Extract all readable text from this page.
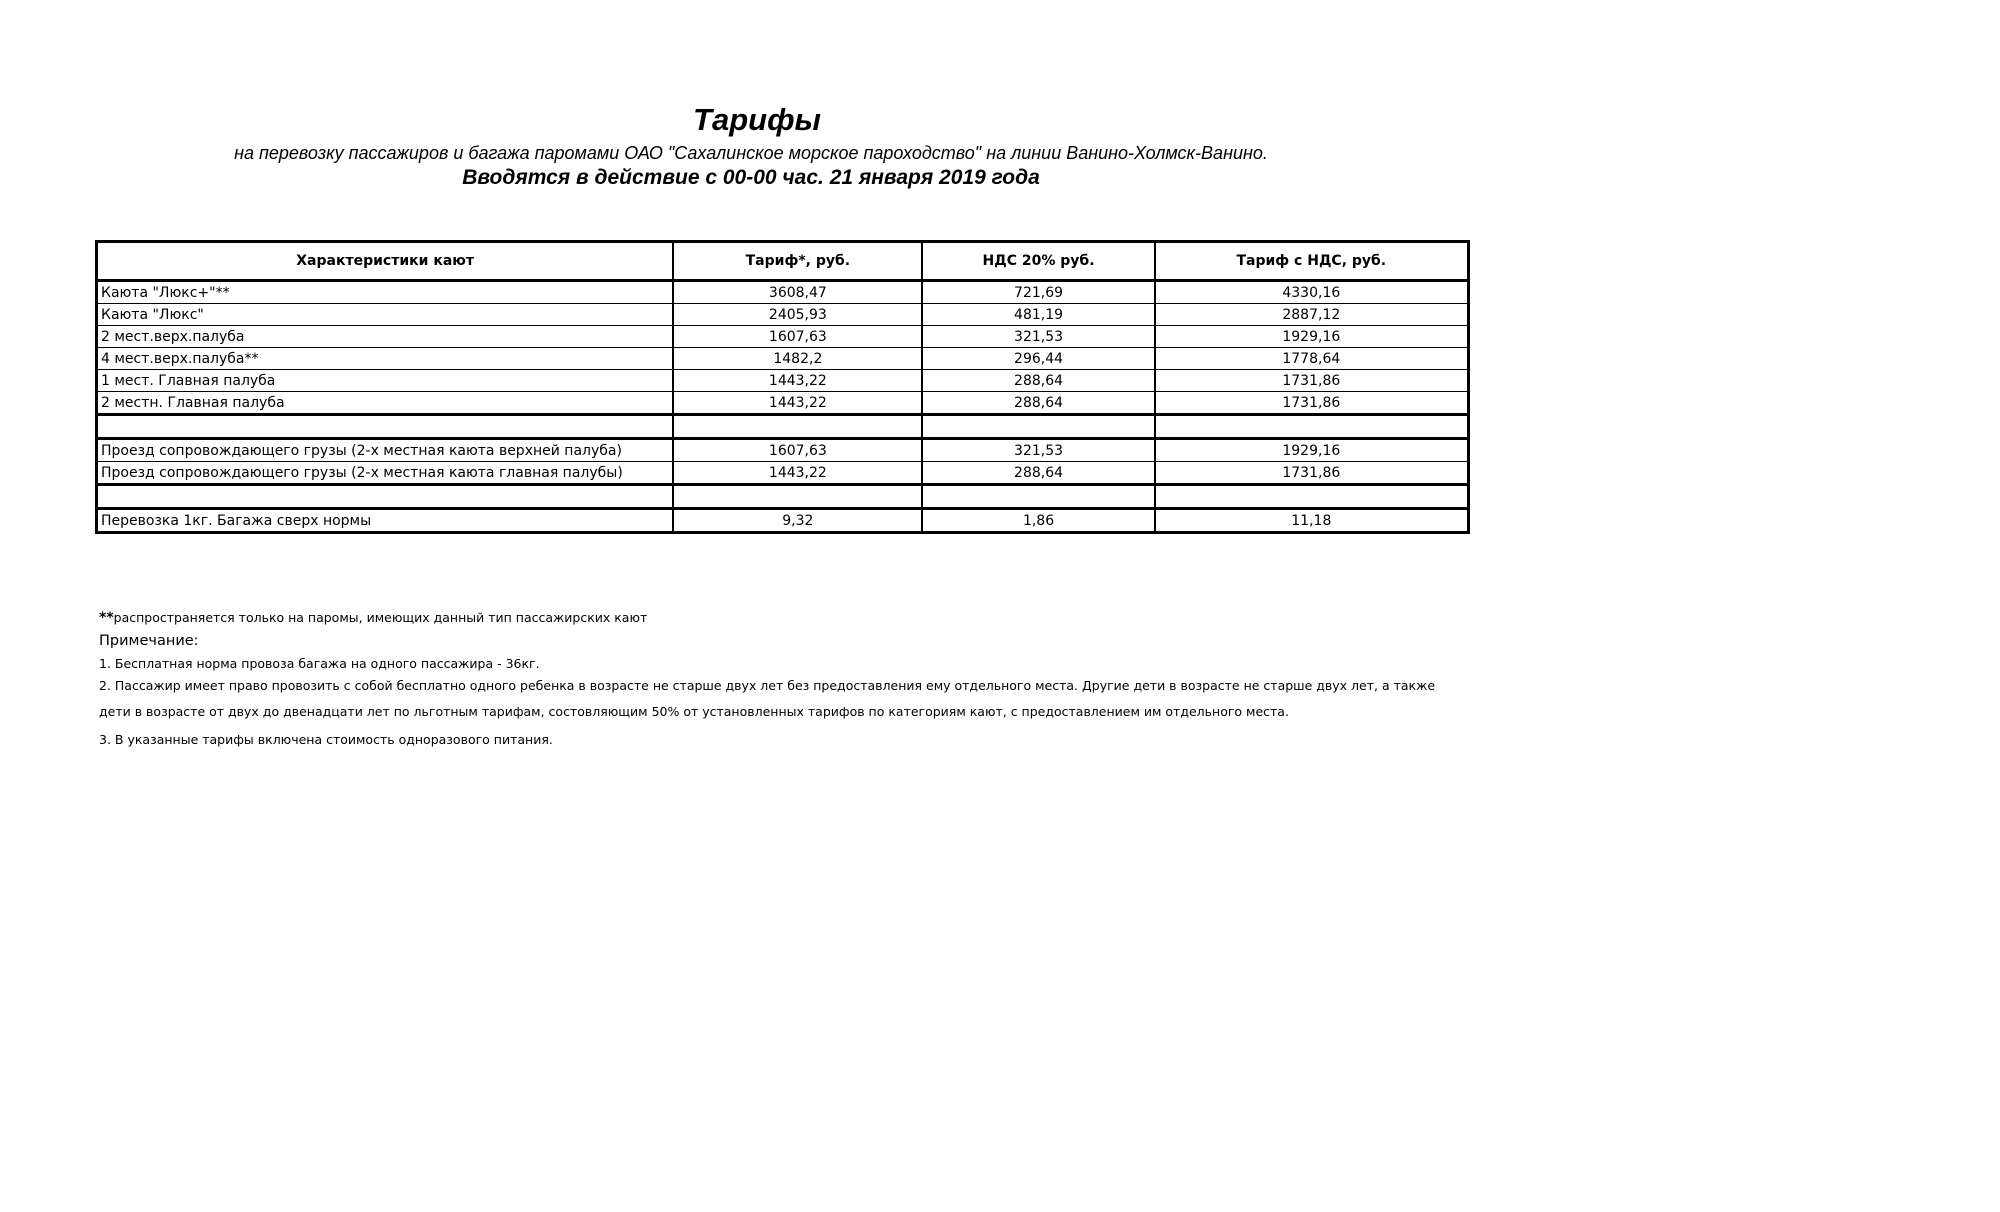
Тарифы
на перевозку пассажиров и багажа паромами ОАО "Сахалинское морское пароходство" на линии Ванино-Холмск-Ванино.
Вводятся в действие с 00-00 час. 21 января 2019 года
Характеристики кают	Тариф*, руб.	НДС 20% руб.	Тариф с НДС, руб.
Каюта "Люкс+"**	3608,47	721,69	4330,16
Каюта "Люкс"	2405,93	481,19	2887,12
2 мест.верх.палуба	1607,63	321,53	1929,16
4 мест.верх.палуба**	1482,2	296,44	1778,64
1 мест. Главная палуба	1443,22	288,64	1731,86
2 местн. Главная палуба	1443,22	288,64	1731,86

Проезд сопровождающего грузы (2-х местная каюта верхней палуба)	1607,63	321,53	1929,16
Проезд сопровождающего грузы (2-х местная каюта главная палубы)	1443,22	288,64	1731,86

Перевозка 1кг. Багажа сверх нормы	9,32	1,86	11,18
**распространяется только на паромы, имеющих данный тип пассажирских кают
Примечание:
1. Бесплатная норма провоза багажа на одного пассажира - 36кг.
2. Пассажир имеет право провозить с собой бесплатно одного ребенка в возрасте не старше двух лет без предоставления ему отдельного места. Другие дети в возрасте не старше двух лет, а также
дети в возрасте от двух до двенадцати лет по льготным тарифам, состовляющим 50% от установленных тарифов по категориям кают, с предоставлением им отдельного места.
3. В указанные тарифы включена стоимость одноразового питания.
